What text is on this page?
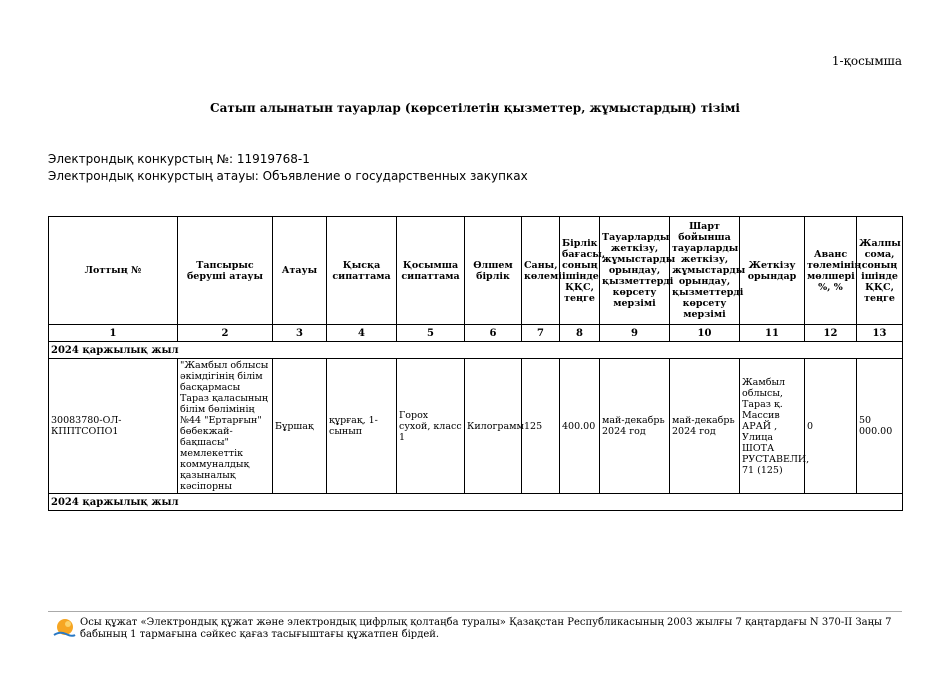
1-қосымша
Сатып алынатын тауарлар (көрсетілетін қызметтер, жұмыстардың) тізімі
Электрондық конкурстың №: 11919768-1
Электрондық конкурстың атауы: Объявление о государственных закупках
Лоттың №	Тапсырыс беруші атауы	Атауы	Қысқа сипаттама	Қосымша сипаттама	Өлшем бірлік	Саны, көлемі	Бірлік бағасы, соның ішінде ҚҚС, теңге	Тауарларды жеткізу, жұмыстарды орындау, қызметтерді көрсету мерзімі	Шарт бойынша тауарларды жеткізу, жұмыстарды орындау, қызметтерді көрсету мерзімі	Жеткізу орындар	Аванс төлемінің мөлшері %, %	Жалпы сома, соның ішінде ҚҚС, теңге
1	2	3	4	5	6	7	8	9	10	11	12	13
2024 қаржылық жыл												
30083780-ОЛ-КППТСОПО1	"Жамбыл облысы әкімдігінің білім басқармасы Тараз қаласының білім бөлімінің №44 "Ертарғын" бөбекжай-бақшасы" мемлекеттік коммуналдық қазыналық кәсіпорны	Бұршақ	құрғақ, 1-сынып	Горох сухой, класс 1	Килограмм	125	400.00	май-декабрь 2024 год	май-декабрь 2024 год	Жамбыл облысы, Тараз қ. Массив АРАЙ , Улица ШОТА РУСТАВЕЛИ, 71 (125)	0	50 000.00
2024 қаржылық жыл												
Осы құжат «Электрондық құжат және электрондық цифрлық қолтаңба туралы» Қазақстан Республикасының 2003 жылғы 7 қаңтардағы N 370-II Заңы 7 бабының 1 тармағына сәйкес қағаз тасығыштағы құжатпен бірдей.
